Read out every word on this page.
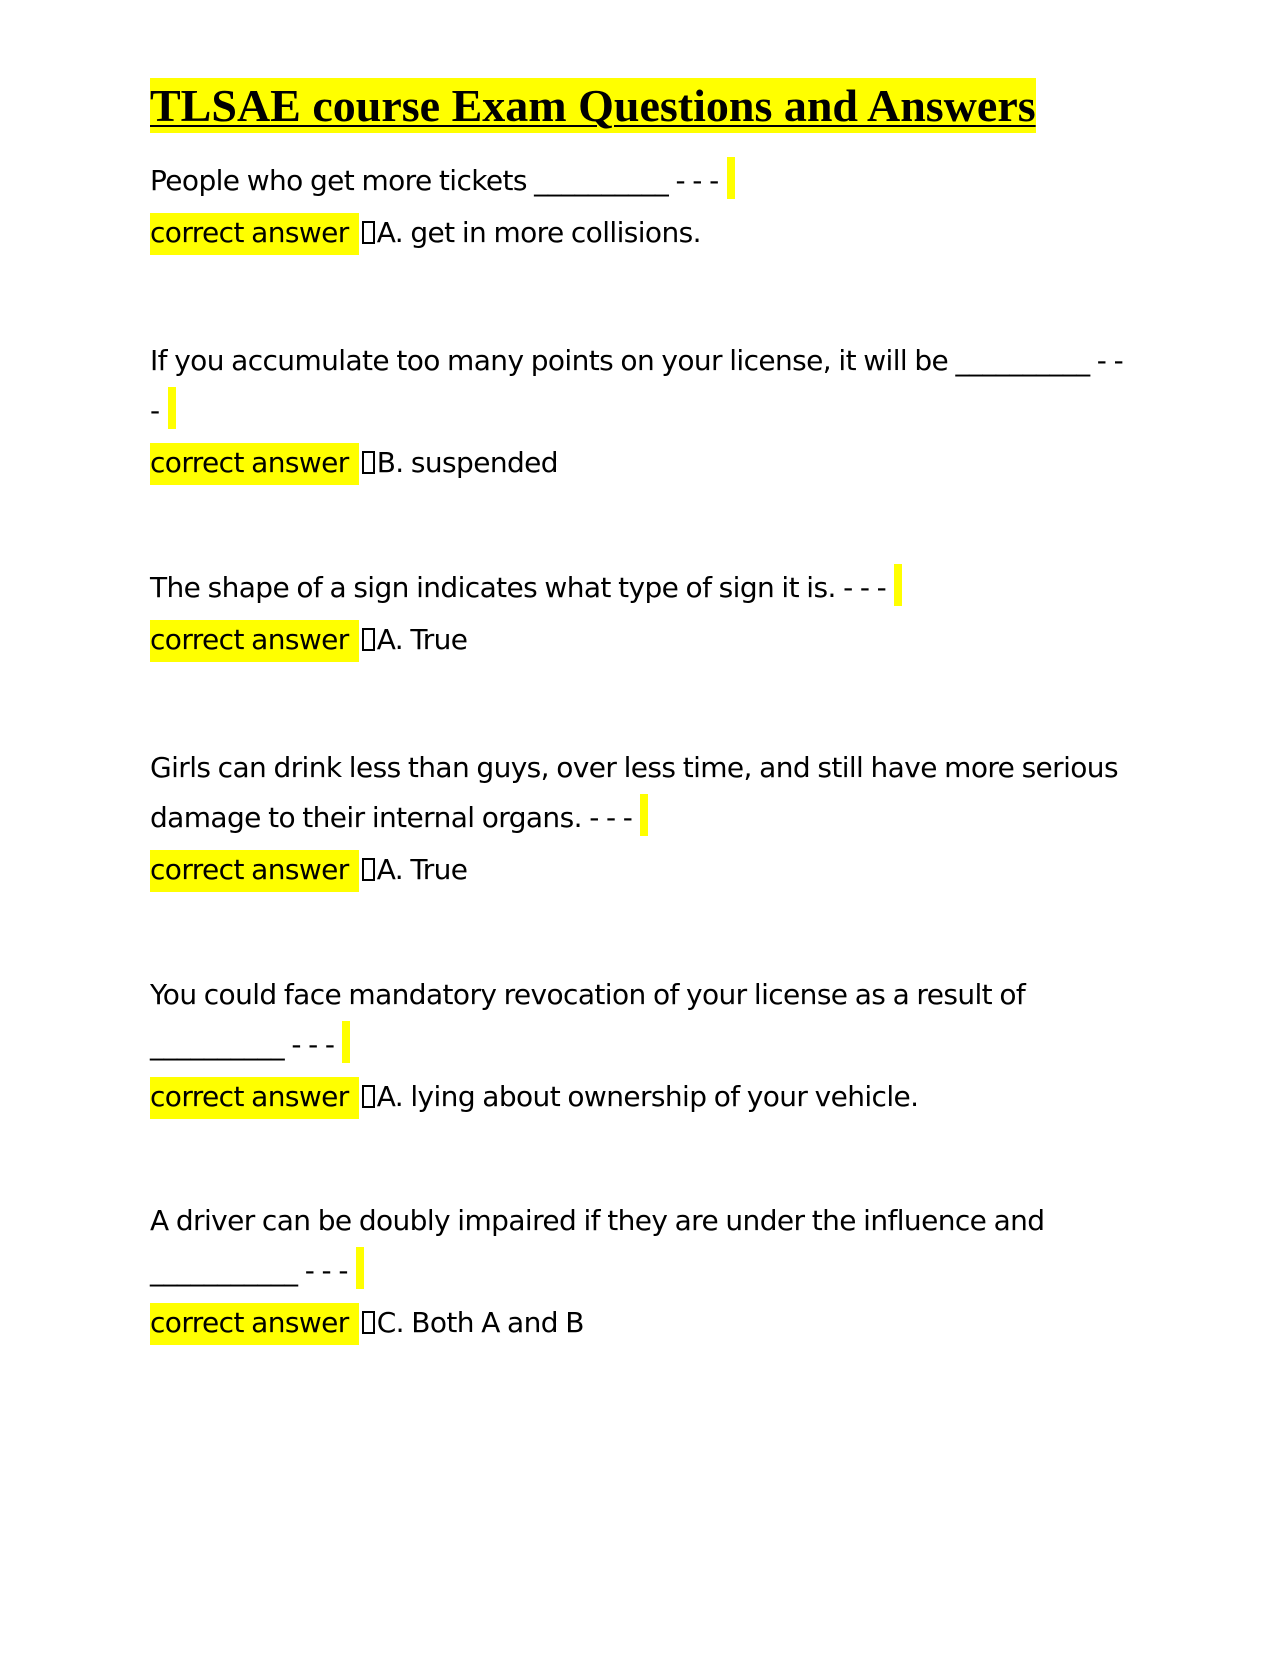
TLSAE course Exam Questions and Answers

People who get more tickets __________ - - -

correct answer A. get in more collisions.

If you accumulate too many points on your license, it will be __________ - - -

correct answer B. suspended

The shape of a sign indicates what type of sign it is. - - -

correct answer A. True

Girls can drink less than guys, over less time, and still have more serious damage to their internal organs. - - -

correct answer A. True

You could face mandatory revocation of your license as a result of __________ - - -

correct answer A. lying about ownership of your vehicle.

A driver can be doubly impaired if they are under the influence and ___________ - - -

correct answer C. Both A and B
